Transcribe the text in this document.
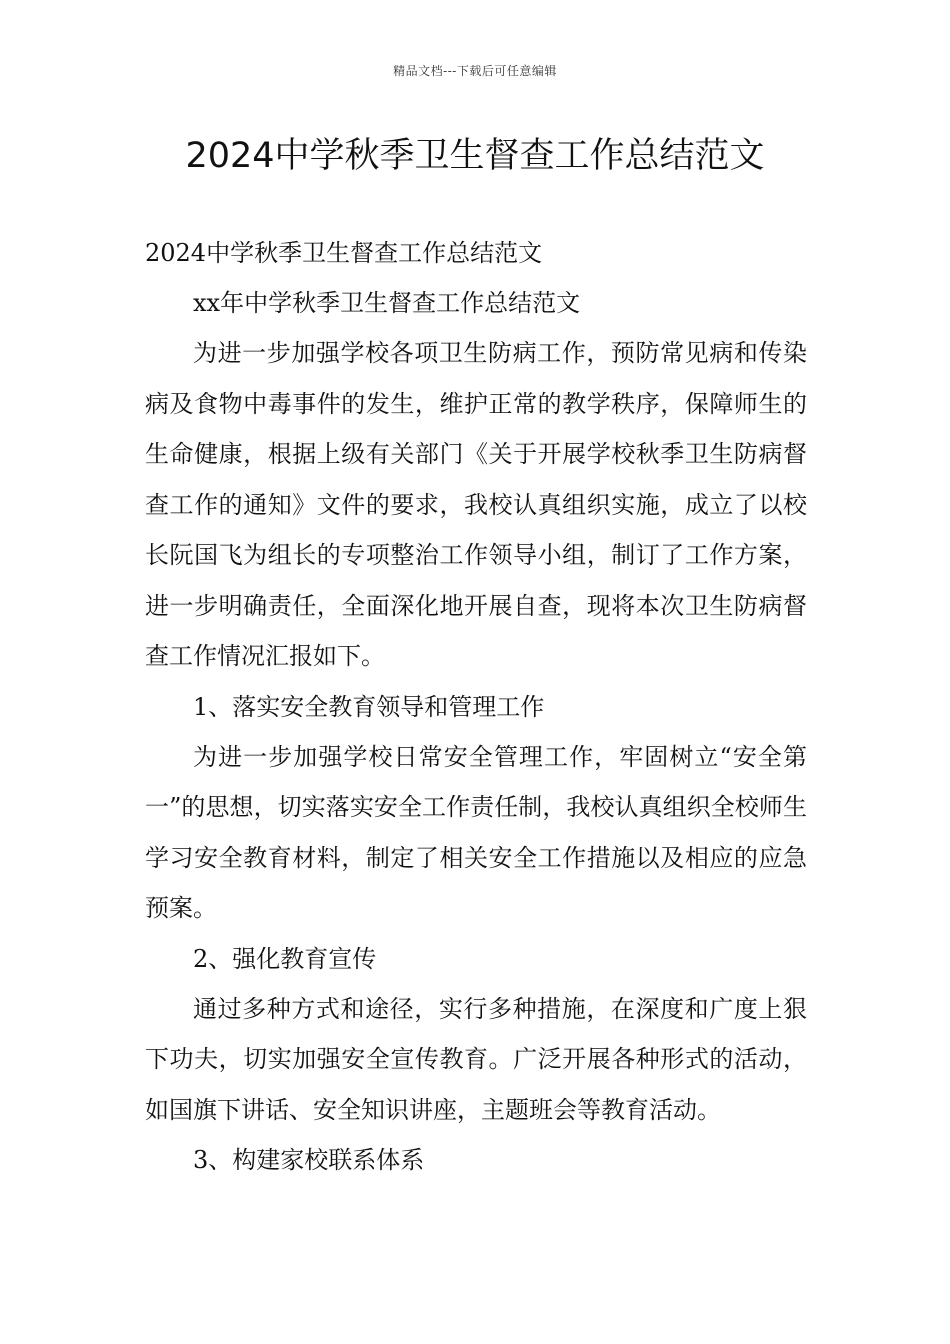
精品文档---下载后可任意编辑
2024中学秋季卫生督查工作总结范文

2024中学秋季卫生督查工作总结范文

xx年中学秋季卫生督查工作总结范文

为进一步加强学校各项卫生防病工作，预防常见病和传染病及食物中毒事件的发生，维护正常的教学秩序，保障师生的生命健康，根据上级有关部门《关于开展学校秋季卫生防病督查工作的通知》文件的要求，我校认真组织实施，成立了以校长阮国飞为组长的专项整治工作领导小组，制订了工作方案，进一步明确责任，全面深化地开展自查，现将本次卫生防病督查工作情况汇报如下。

1、落实安全教育领导和管理工作

为进一步加强学校日常安全管理工作，牢固树立“安全第一”的思想，切实落实安全工作责任制，我校认真组织全校师生学习安全教育材料，制定了相关安全工作措施以及相应的应急预案。

2、强化教育宣传

通过多种方式和途径，实行多种措施，在深度和广度上狠下功夫，切实加强安全宣传教育。广泛开展各种形式的活动，如国旗下讲话、安全知识讲座，主题班会等教育活动。

3、构建家校联系体系
